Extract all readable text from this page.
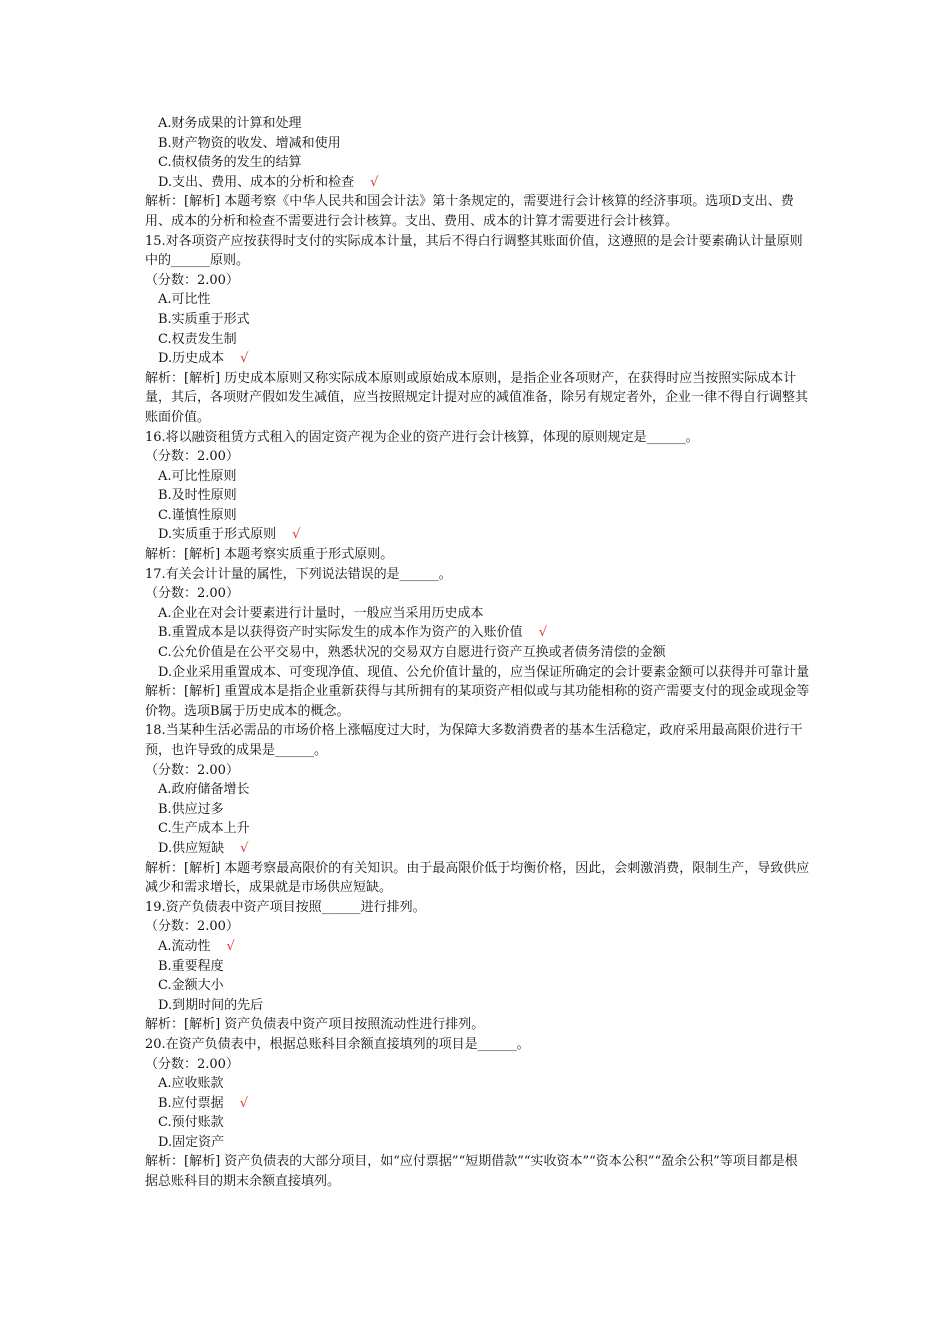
A.财务成果的计算和处理
B.财产物资的收发、增减和使用
C.债权债务的发生的结算
D.支出、费用、成本的分析和检查 √
解析：[解析] 本题考察《中华人民共和国会计法》第十条规定的，需要进行会计核算的经济事项。选项D支出、费用、成本的分析和检查不需要进行会计核算。支出、费用、成本的计算才需要进行会计核算。
15.对各项资产应按获得时支付的实际成本计量，其后不得白行调整其账面价值，这遵照的是会计要素确认计量原则中的______原则。
（分数：2.00）
A.可比性
B.实质重于形式
C.权责发生制
D.历史成本 √
解析：[解析] 历史成本原则又称实际成本原则或原始成本原则，是指企业各项财产，在获得时应当按照实际成本计量，其后，各项财产假如发生减值，应当按照规定计提对应的减值准备，除另有规定者外，企业一律不得自行调整其账面价值。
16.将以融资租赁方式租入的固定资产视为企业的资产进行会计核算，体现的原则规定是______。
（分数：2.00）
A.可比性原则
B.及时性原则
C.谨慎性原则
D.实质重于形式原则 √
解析：[解析] 本题考察实质重于形式原则。
17.有关会计计量的属性，下列说法错误的是______。
（分数：2.00）
A.企业在对会计要素进行计量时，一般应当采用历史成本
B.重置成本是以获得资产时实际发生的成本作为资产的入账价值 √
C.公允价值是在公平交易中，熟悉状况的交易双方自愿进行资产互换或者债务清偿的金额
D.企业采用重置成本、可变现净值、现值、公允价值计量的，应当保证所确定的会计要素金额可以获得并可靠计量
解析：[解析] 重置成本是指企业重新获得与其所拥有的某项资产相似或与其功能相称的资产需要支付的现金或现金等价物。选项B属于历史成本的概念。
18.当某种生活必需品的市场价格上涨幅度过大时，为保障大多数消费者的基本生活稳定，政府采用最高限价进行干预，也许导致的成果是______。
（分数：2.00）
A.政府储备增长
B.供应过多
C.生产成本上升
D.供应短缺 √
解析：[解析] 本题考察最高限价的有关知识。由于最高限价低于均衡价格，因此，会刺激消费，限制生产，导致供应减少和需求增长，成果就是市场供应短缺。
19.资产负债表中资产项目按照______进行排列。
（分数：2.00）
A.流动性 √
B.重要程度
C.金额大小
D.到期时间的先后
解析：[解析] 资产负债表中资产项目按照流动性进行排列。
20.在资产负债表中，根据总账科目余额直接填列的项目是______。
（分数：2.00）
A.应收账款
B.应付票据 √
C.预付账款
D.固定资产
解析：[解析] 资产负债表的大部分项目，如“应付票据”“短期借款”“实收资本”“资本公积”“盈余公积”等项目都是根据总账科目的期末余额直接填列。
